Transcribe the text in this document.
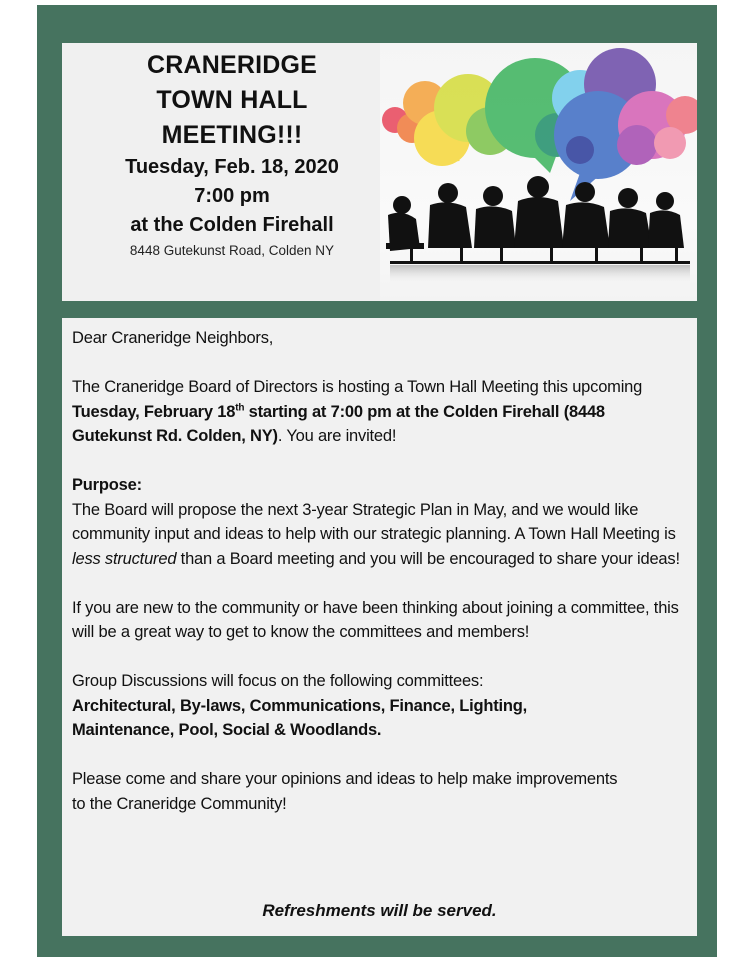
CRANERIDGE
TOWN HALL
MEETING!!!
Tuesday, Feb. 18, 2020
7:00 pm
at the Colden Firehall
8448 Gutekunst Road, Colden NY

Dear Craneridge Neighbors,

The Craneridge Board of Directors is hosting a Town Hall Meeting this upcoming Tuesday, February 18th starting at 7:00 pm at the Colden Firehall (8448 Gutekunst Rd. Colden, NY). You are invited!

Purpose:

The Board will propose the next 3-year Strategic Plan in May, and we would like community input and ideas to help with our strategic planning. A Town Hall Meeting is less structured than a Board meeting and you will be encouraged to share your ideas!

If you are new to the community or have been thinking about joining a committee, this will be a great way to get to know the committees and members!

Group Discussions will focus on the following committees:

Architectural, By-laws, Communications, Finance, Lighting, Maintenance, Pool, Social & Woodlands.

Please come and share your opinions and ideas to help make improvements to the Craneridge Community!

Refreshments will be served.
